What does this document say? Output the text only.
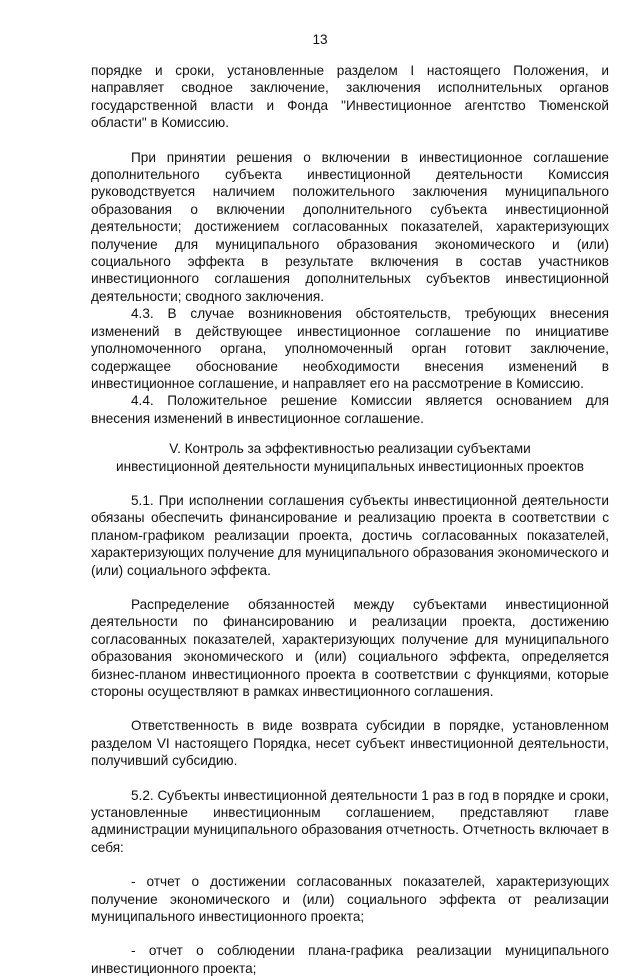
13

порядке и сроки, установленные разделом I настоящего Положения, и направляет сводное заключение, заключения исполнительных органов государственной власти и Фонда "Инвестиционное агентство Тюменской области" в Комиссию.

При принятии решения о включении в инвестиционное соглашение дополнительного субъекта инвестиционной деятельности Комиссия руководствуется наличием положительного заключения муниципального образования о включении дополнительного субъекта инвестиционной деятельности; достижением согласованных показателей, характеризующих получение для муниципального образования экономического и (или) социального эффекта в результате включения в состав участников инвестиционного соглашения дополнительных субъектов инвестиционной деятельности; сводного заключения.

4.3. В случае возникновения обстоятельств, требующих внесения изменений в действующее инвестиционное соглашение по инициативе уполномоченного органа, уполномоченный орган готовит заключение, содержащее обоснование необходимости внесения изменений в инвестиционное соглашение, и направляет его на рассмотрение в Комиссию.

4.4. Положительное решение Комиссии является основанием для внесения изменений в инвестиционное соглашение.

V. Контроль за эффективностью реализации субъектами
инвестиционной деятельности муниципальных инвестиционных проектов

5.1. При исполнении соглашения субъекты инвестиционной деятельности обязаны обеспечить финансирование и реализацию проекта в соответствии с планом-графиком реализации проекта, достичь согласованных показателей, характеризующих получение для муниципального образования экономического и (или) социального эффекта.

Распределение обязанностей между субъектами инвестиционной деятельности по финансированию и реализации проекта, достижению согласованных показателей, характеризующих получение для муниципального образования экономического и (или) социального эффекта, определяется бизнес-планом инвестиционного проекта в соответствии с функциями, которые стороны осуществляют в рамках инвестиционного соглашения.

Ответственность в виде возврата субсидии в порядке, установленном разделом VI настоящего Порядка, несет субъект инвестиционной деятельности, получивший субсидию.

5.2. Субъекты инвестиционной деятельности 1 раз в год в порядке и сроки, установленные инвестиционным соглашением, представляют главе администрации муниципального образования отчетность. Отчетность включает в себя:

- отчет о достижении согласованных показателей, характеризующих получение экономического и (или) социального эффекта от реализации муниципального инвестиционного проекта;

- отчет о соблюдении плана-графика реализации муниципального инвестиционного проекта;
